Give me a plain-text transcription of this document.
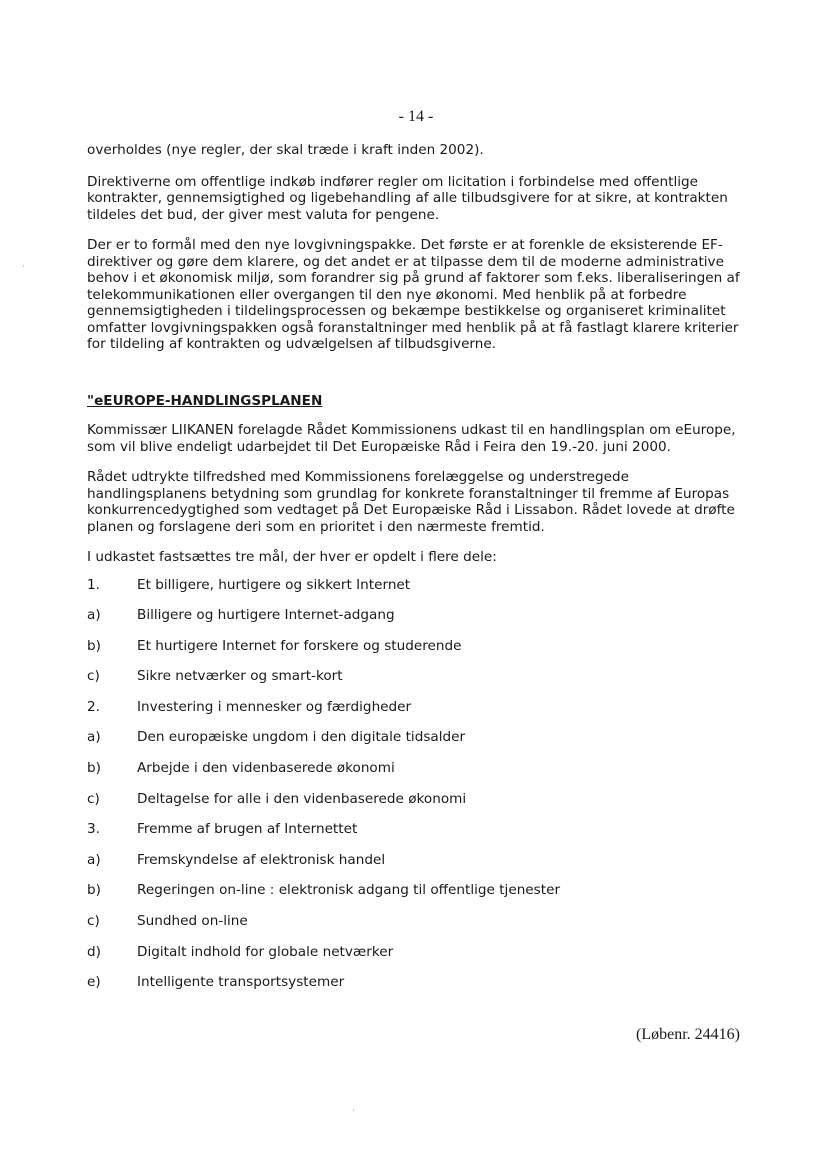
- 14 -

overholdes (nye regler, der skal træde i kraft inden 2002).

Direktiverne om offentlige indkøb indfører regler om licitation i forbindelse med offentlige kontrakter, gennemsigtighed og ligebehandling af alle tilbudsgivere for at sikre, at kontrakten tildeles det bud, der giver mest valuta for pengene.

Der er to formål med den nye lovgivningspakke. Det første er at forenkle de eksisterende EF-direktiver og gøre dem klarere, og det andet er at tilpasse dem til de moderne administrative behov i et økonomisk miljø, som forandrer sig på grund af faktorer som f.eks. liberaliseringen af telekommunikationen eller overgangen til den nye økonomi. Med henblik på at forbedre gennemsigtigheden i tildelingsprocessen og bekæmpe bestikkelse og organiseret kriminalitet omfatter lovgivningspakken også foranstaltninger med henblik på at få fastlagt klarere kriterier for tildeling af kontrakten og udvælgelsen af tilbudsgiverne.

"eEUROPE-HANDLINGSPLANEN

Kommissær LIIKANEN forelagde Rådet Kommissionens udkast til en handlingsplan om eEurope, som vil blive endeligt udarbejdet til Det Europæiske Råd i Feira den 19.-20. juni 2000.

Rådet udtrykte tilfredshed med Kommissionens forelæggelse og understregede handlingsplanens betydning som grundlag for konkrete foranstaltninger til fremme af Europas konkurrencedygtighed som vedtaget på Det Europæiske Råd i Lissabon. Rådet lovede at drøfte planen og forslagene deri som en prioritet i den nærmeste fremtid.

I udkastet fastsættes tre mål, der hver er opdelt i flere dele:

1.	Et billigere, hurtigere og sikkert Internet
a)	Billigere og hurtigere Internet-adgang
b)	Et hurtigere Internet for forskere og studerende
c)	Sikre netværker og smart-kort
2.	Investering i mennesker og færdigheder
a)	Den europæiske ungdom i den digitale tidsalder
b)	Arbejde i den videnbaserede økonomi
c)	Deltagelse for alle i den videnbaserede økonomi
3.	Fremme af brugen af Internettet
a)	Fremskyndelse af elektronisk handel
b)	Regeringen on-line : elektronisk adgang til offentlige tjenester
c)	Sundhed on-line
d)	Digitalt indhold for globale netværker
e)	Intelligente transportsystemer
(Løbenr. 24416)
·
·
